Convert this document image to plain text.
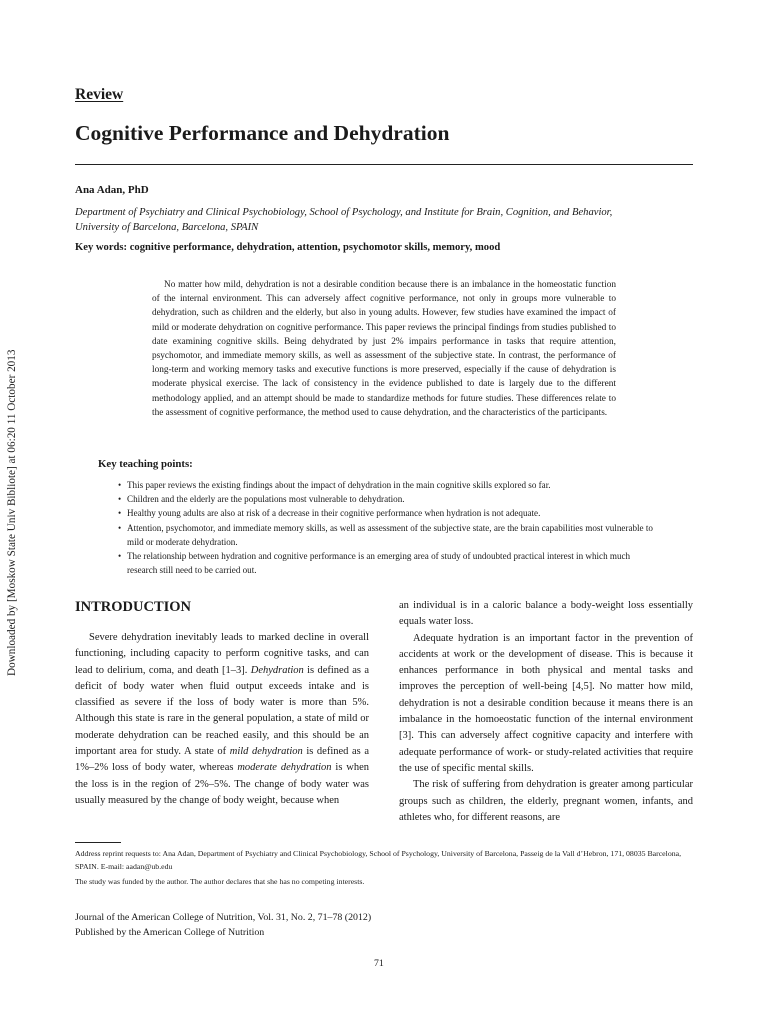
Downloaded by [Moskow State Univ Bibliote] at 06:20 11 October 2013
Review
Cognitive Performance and Dehydration
Ana Adan, PhD
Department of Psychiatry and Clinical Psychobiology, School of Psychology, and Institute for Brain, Cognition, and Behavior,
University of Barcelona, Barcelona, SPAIN
Key words: cognitive performance, dehydration, attention, psychomotor skills, memory, mood
No matter how mild, dehydration is not a desirable condition because there is an imbalance in the homeostatic function of the internal environment. This can adversely affect cognitive performance, not only in groups more vulnerable to dehydration, such as children and the elderly, but also in young adults. However, few studies have examined the impact of mild or moderate dehydration on cognitive performance. This paper reviews the principal findings from studies published to date examining cognitive skills. Being dehydrated by just 2% impairs performance in tasks that require attention, psychomotor, and immediate memory skills, as well as assessment of the subjective state. In contrast, the performance of long-term and working memory tasks and executive functions is more preserved, especially if the cause of dehydration is moderate physical exercise. The lack of consistency in the evidence published to date is largely due to the different methodology applied, and an attempt should be made to standardize methods for future studies. These differences relate to the assessment of cognitive performance, the method used to cause dehydration, and the characteristics of the participants.
Key teaching points:
• This paper reviews the existing findings about the impact of dehydration in the main cognitive skills explored so far.
• Children and the elderly are the populations most vulnerable to dehydration.
• Healthy young adults are also at risk of a decrease in their cognitive performance when hydration is not adequate.
• Attention, psychomotor, and immediate memory skills, as well as assessment of the subjective state, are the brain capabilities most vulnerable to mild or moderate dehydration.
• The relationship between hydration and cognitive performance is an emerging area of study of undoubted practical interest in which much research still need to be carried out.
INTRODUCTION

Severe dehydration inevitably leads to marked decline in overall functioning, including capacity to perform cognitive tasks, and can lead to delirium, coma, and death [1–3]. Dehydration is defined as a deficit of body water when fluid output exceeds intake and is classified as severe if the loss of body water is more than 5%. Although this state is rare in the general population, a state of mild or moderate dehydration can be reached easily, and this should be an important area for study. A state of mild dehydration is defined as a 1%–2% loss of body water, whereas moderate dehydration is when the loss is in the region of 2%–5%. The change of body water was usually measured by the change of body weight, because when

an individual is in a caloric balance a body-weight loss essentially equals water loss.

Adequate hydration is an important factor in the prevention of accidents at work or the development of disease. This is because it enhances performance in both physical and mental tasks and improves the perception of well-being [4,5]. No matter how mild, dehydration is not a desirable condition because it means there is an imbalance in the homoeostatic function of the internal environment [3]. This can adversely affect cognitive capacity and interfere with adequate performance of work- or study-related activities that require the use of specific mental skills.

The risk of suffering from dehydration is greater among particular groups such as children, the elderly, pregnant women, infants, and athletes who, for different reasons, are

Address reprint requests to: Ana Adan, Department of Psychiatry and Clinical Psychobiology, School of Psychology, University of Barcelona, Passeig de la Vall d’Hebron, 171, 08035 Barcelona, SPAIN. E-mail: aadan@ub.edu
The study was funded by the author. The author declares that she has no competing interests.
Journal of the American College of Nutrition, Vol. 31, No. 2, 71–78 (2012)
Published by the American College of Nutrition
71
